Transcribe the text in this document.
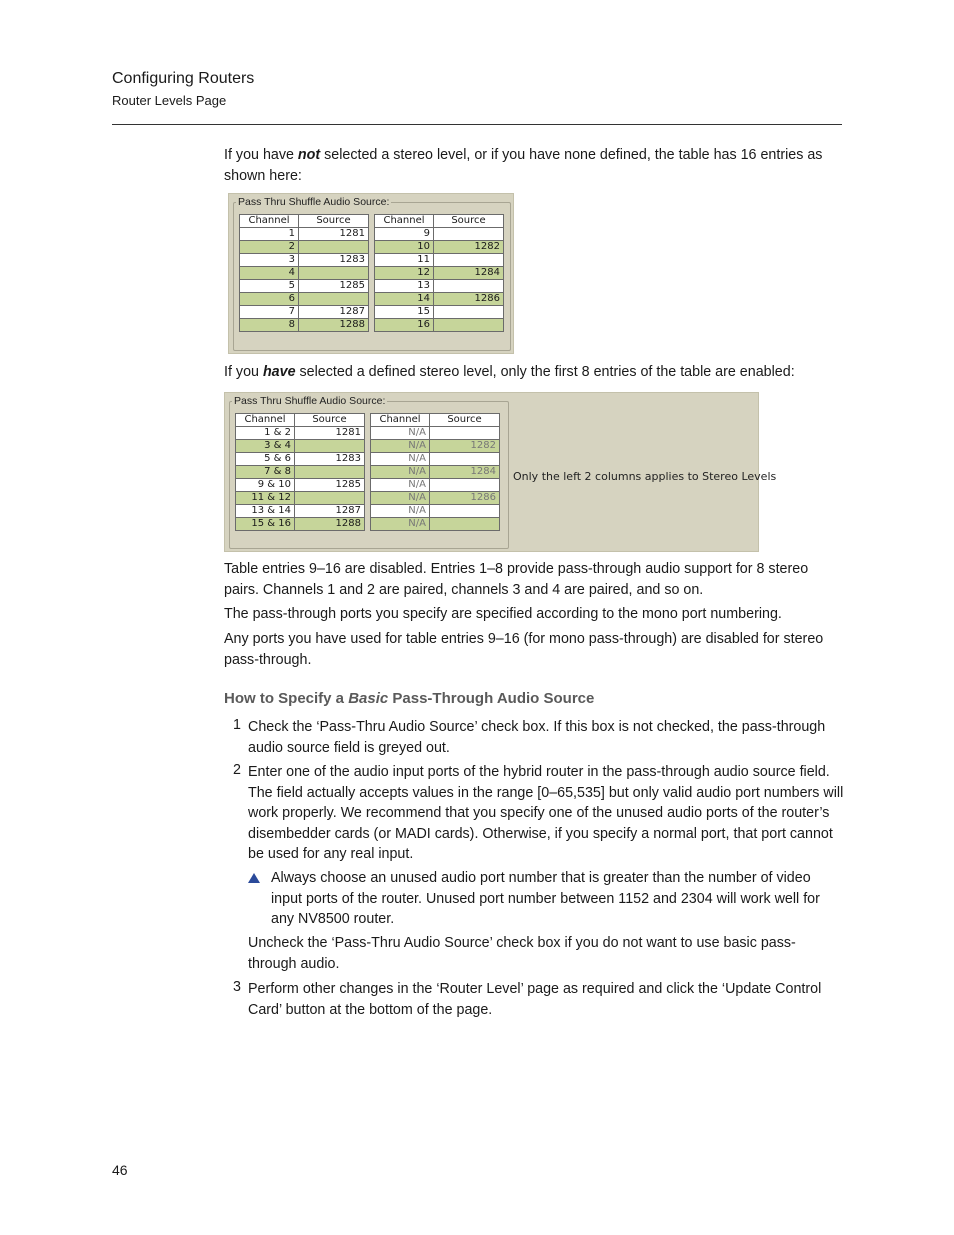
Configuring Routers
Router Levels Page
If you have not selected a stereo level, or if you have none defined, the table has 16 entries as shown here:
Pass Thru Shuffle Audio Source:
Channel	Source
1	1281
2	
3	1283
4	
5	1285
6	
7	1287
8	1288
Channel	Source
9	
10	1282
11	
12	1284
13	
14	1286
15	
16	
If you have selected a defined stereo level, only the first 8 entries of the table are enabled:
Pass Thru Shuffle Audio Source:
Channel	Source
1 & 2	1281
3 & 4	
5 & 6	1283
7 & 8	
9 & 10	1285
11 & 12	
13 & 14	1287
15 & 16	1288
Channel	Source
N/A	
N/A	1282
N/A	
N/A	1284
N/A	
N/A	1286
N/A	
N/A	
Only the left 2 columns applies to Stereo Levels
Table entries 9–16 are disabled. Entries 1–8 provide pass-through audio support for 8 stereo pairs. Channels 1 and 2 are paired, channels 3 and 4 are paired, and so on.
The pass-through ports you specify are specified according to the mono port numbering.
Any ports you have used for table entries 9–16 (for mono pass-through) are disabled for stereo pass-through.
How to Specify a Basic Pass-Through Audio Source
1 Check the ‘Pass-Thru Audio Source’ check box. If this box is not checked, the pass-through audio source field is greyed out.
2 Enter one of the audio input ports of the hybrid router in the pass-through audio source field. The field actually accepts values in the range [0–65,535] but only valid audio port numbers will work properly. We recommend that you specify one of the unused audio ports of the router’s disembedder cards (or MADI cards). Otherwise, if you specify a normal port, that port cannot be used for any real input.
Always choose an unused audio port number that is greater than the number of video input ports of the router. Unused port number between 1152 and 2304 will work well for any NV8500 router.
Uncheck the ‘Pass-Thru Audio Source’ check box if you do not want to use basic pass-through audio.
3 Perform other changes in the ‘Router Level’ page as required and click the ‘Update Control Card’ button at the bottom of the page.
46
